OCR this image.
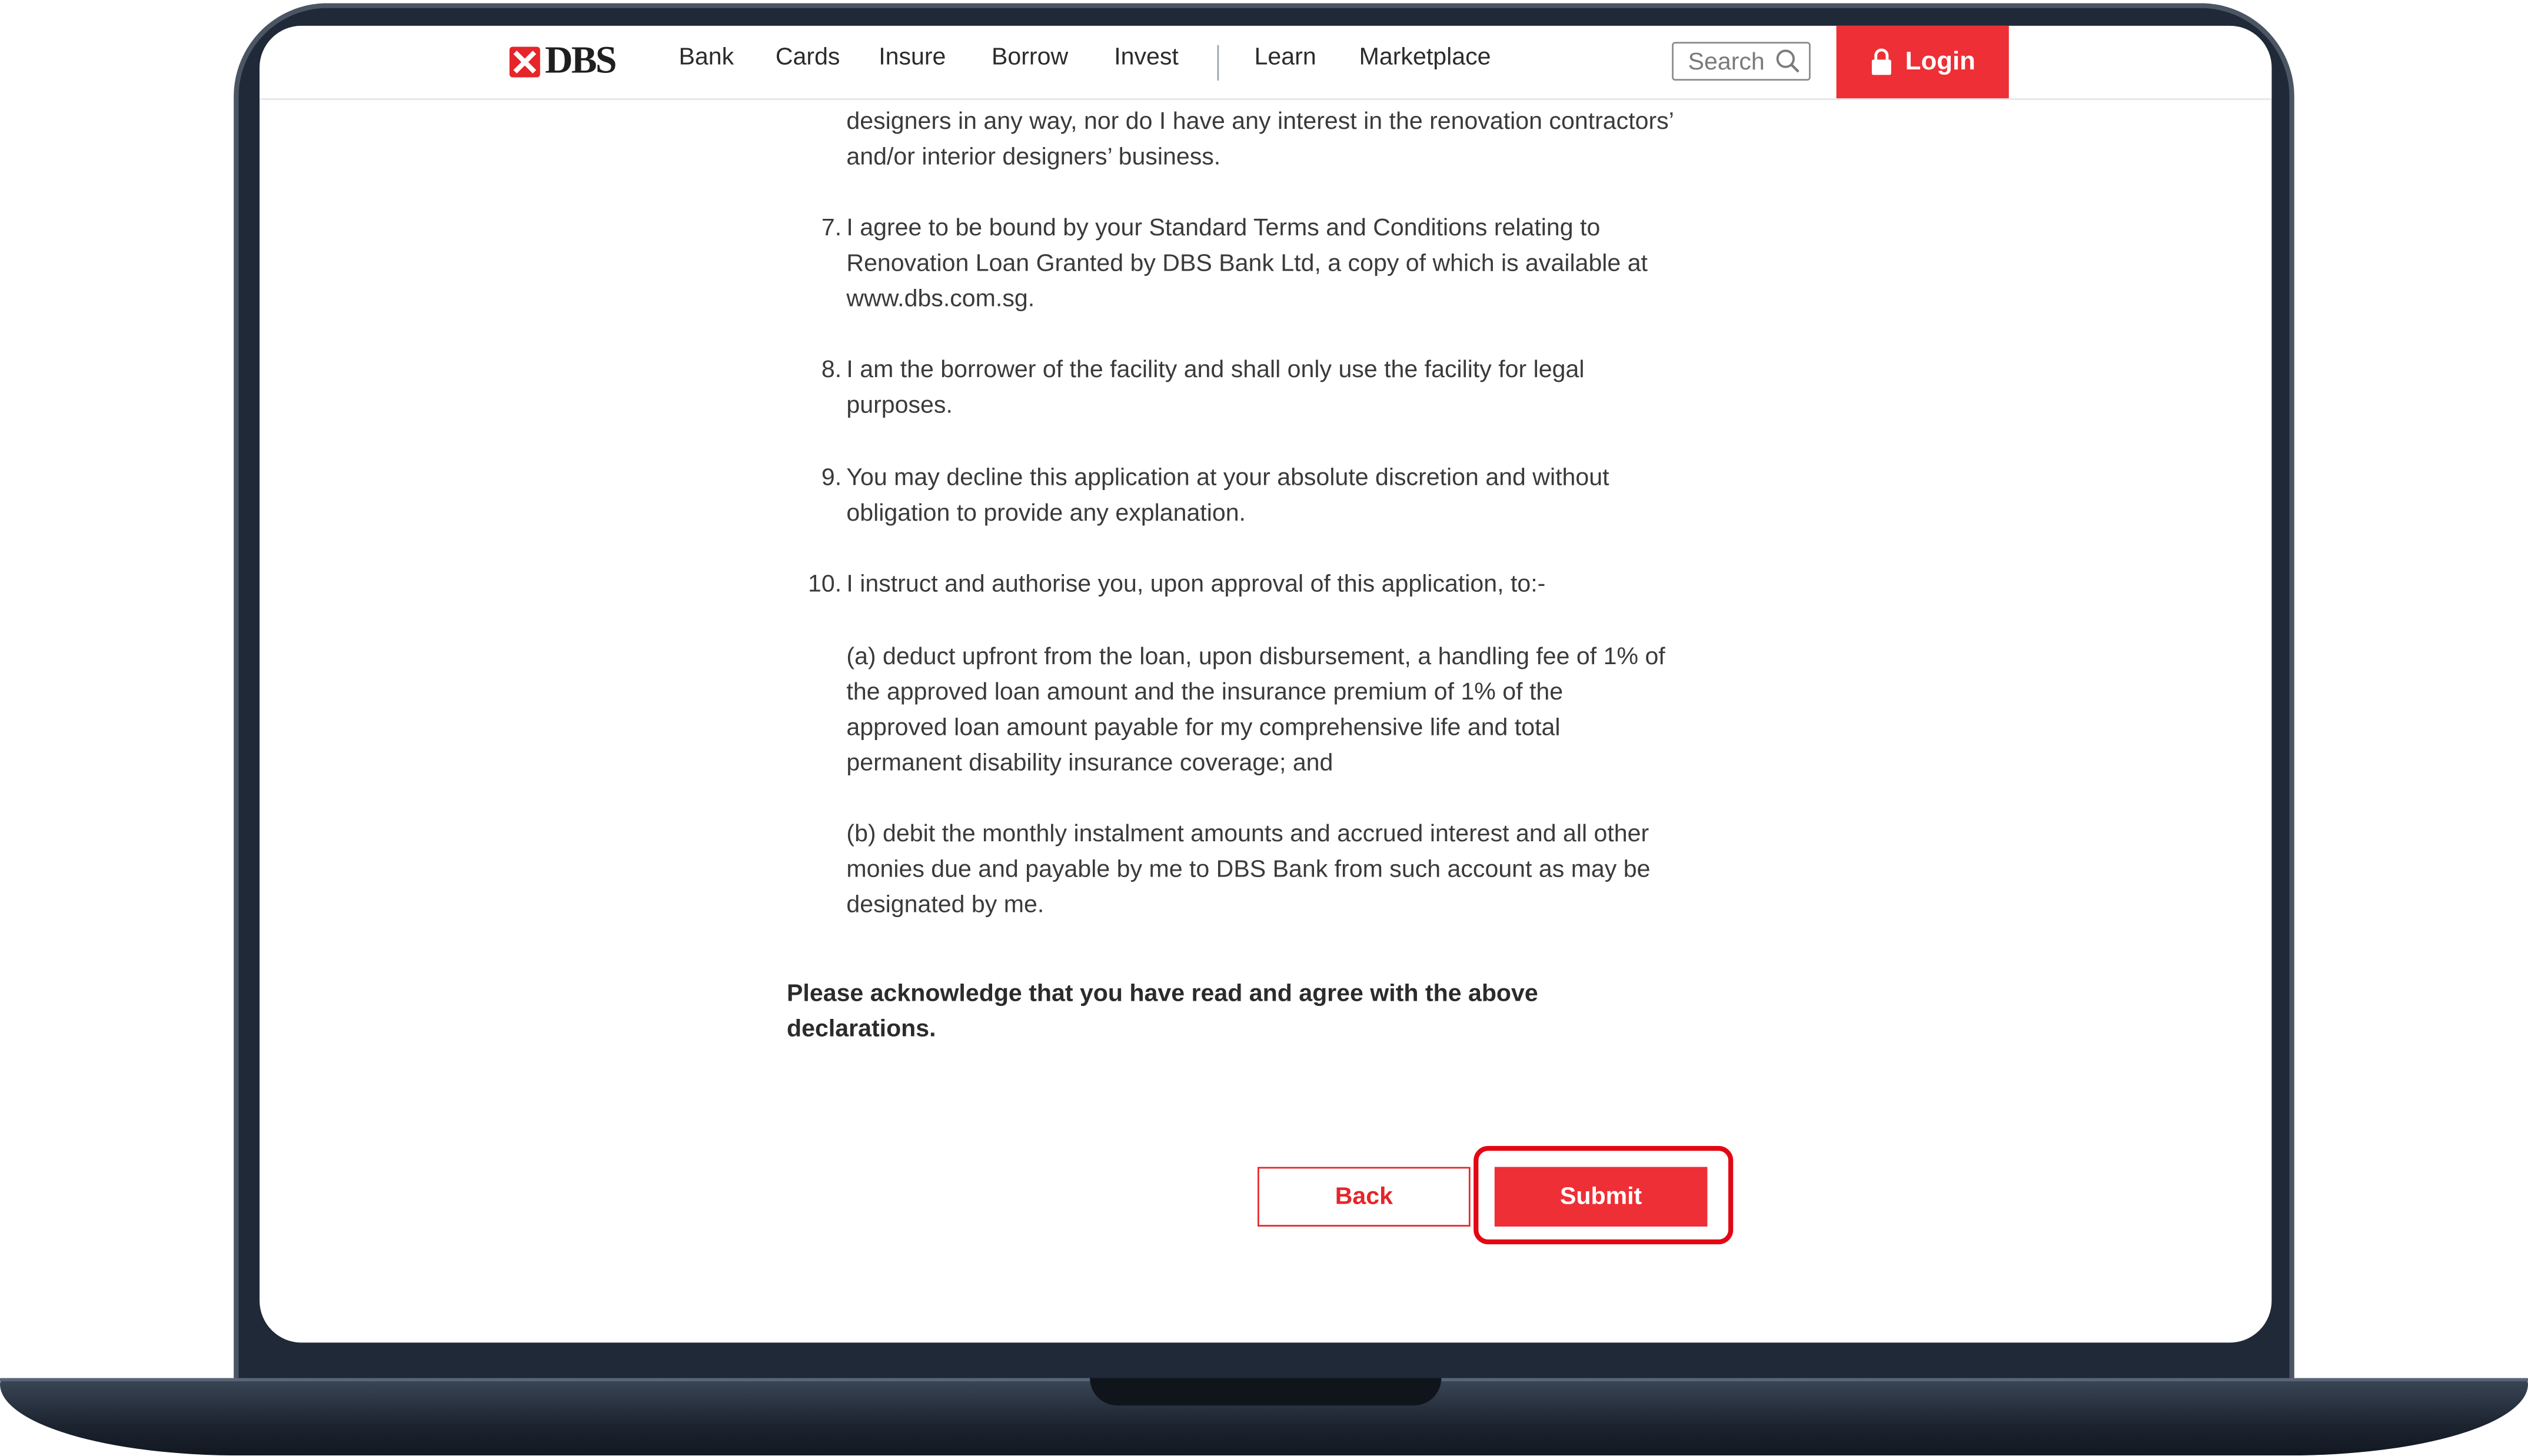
designers in any way, nor do I have any interest in the renovation contractors’
and/or interior designers’ business.
7. I agree to be bound by your Standard Terms and Conditions relating to
Renovation Loan Granted by DBS Bank Ltd, a copy of which is available at
www.dbs.com.sg.
8. I am the borrower of the facility and shall only use the facility for legal
purposes.
9. You may decline this application at your absolute discretion and without
obligation to provide any explanation.
10. I instruct and authorise you, upon approval of this application, to:-
(a) deduct upfront from the loan, upon disbursement, a handling fee of 1% of
the approved loan amount and the insurance premium of 1% of the
approved loan amount payable for my comprehensive life and total
permanent disability insurance coverage; and
(b) debit the monthly instalment amounts and accrued interest and all other
monies due and payable by me to DBS Bank from such account as may be
designated by me.
Please acknowledge that you have read and agree with the above
declarations.
Back	Submit
DBS	Bank	Cards	Insure	Borrow	Invest	Learn	Marketplace	Search	Login
